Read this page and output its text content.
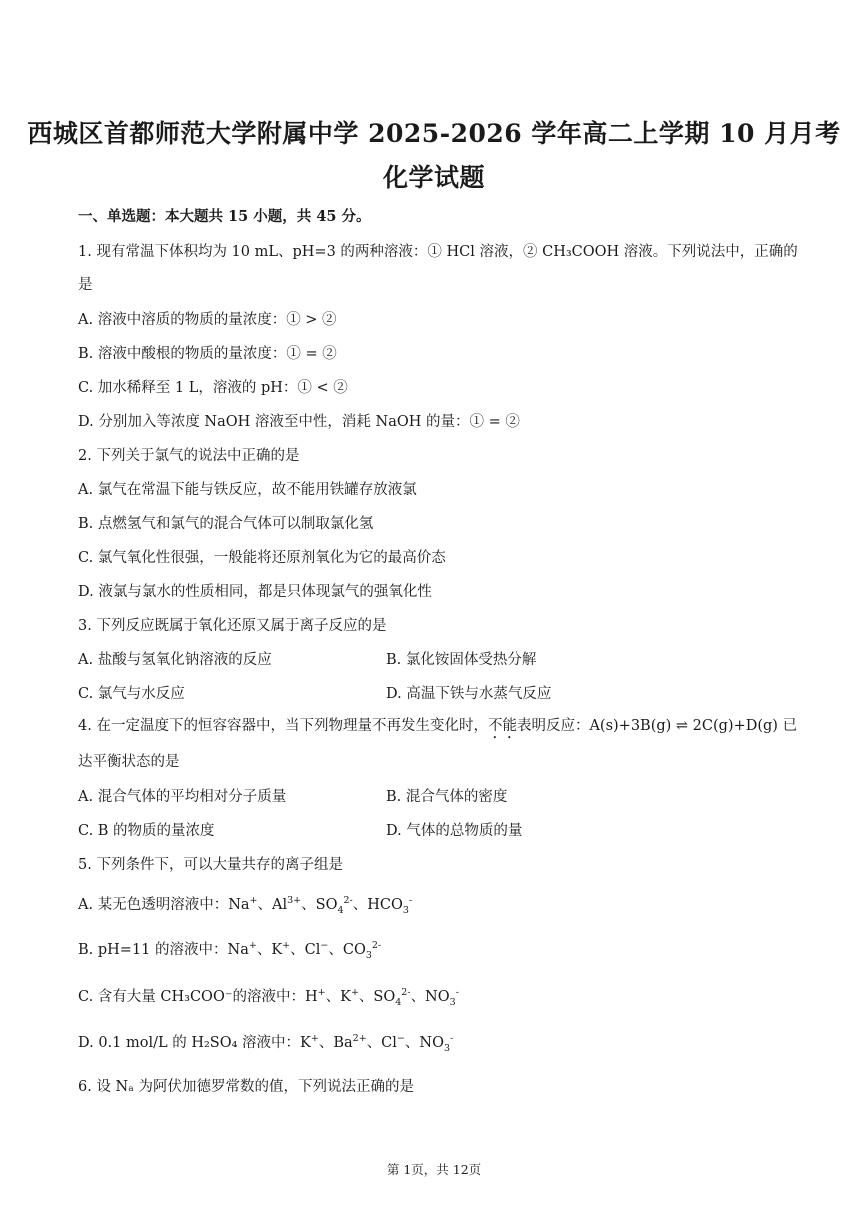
西城区首都师范大学附属中学 2025-2026 学年高二上学期 10 月月考
化学试题
一、单选题：本大题共 15 小题，共 45 分。
1. 现有常温下体积均为 10 mL、pH=3 的两种溶液：① HCl 溶液，② CH₃COOH 溶液。下列说法中，正确的
是
A. 溶液中溶质的物质的量浓度：① > ②
B. 溶液中酸根的物质的量浓度：① = ②
C. 加水稀释至 1 L，溶液的 pH：① < ②
D. 分别加入等浓度 NaOH 溶液至中性，消耗 NaOH 的量：① = ②
2. 下列关于氯气的说法中正确的是
A. 氯气在常温下能与铁反应，故不能用铁罐存放液氯
B. 点燃氢气和氯气的混合气体可以制取氯化氢
C. 氯气氧化性很强，一般能将还原剂氧化为它的最高价态
D. 液氯与氯水的性质相同，都是只体现氯气的强氧化性
3. 下列反应既属于氧化还原又属于离子反应的是
A. 盐酸与氢氧化钠溶液的反应	B. 氯化铵固体受热分解
C. 氯气与水反应	D. 高温下铁与水蒸气反应
4. 在一定温度下的恒容容器中，当下列物理量不再发生变化时，不能表明反应：A(s)+3B(g) ⇌ 2C(g)+D(g) 已
达平衡状态的是
A. 混合气体的平均相对分子质量	B. 混合气体的密度
C. B 的物质的量浓度	D. 气体的总物质的量
5. 下列条件下，可以大量共存的离子组是
A. 某无色透明溶液中：Na+、$Al^{3+}$、$SO_4^{2-}$、$HCO_3^-$
B. pH=11 的溶液中：Na+、K+、Cl−、$CO_3^{2-}$
C. 含有大量 CH₃COO⁻的溶液中：H+、K+、$SO_4^{2-}$、$NO_3^-$
D. 0.1 mol/L 的 H₂SO₄ 溶液中：K+、$Ba^{2+}$、Cl−、$NO_3^-$
6. 设 Nₐ 为阿伏加德罗常数的值，下列说法正确的是
第 1页，共 12页
